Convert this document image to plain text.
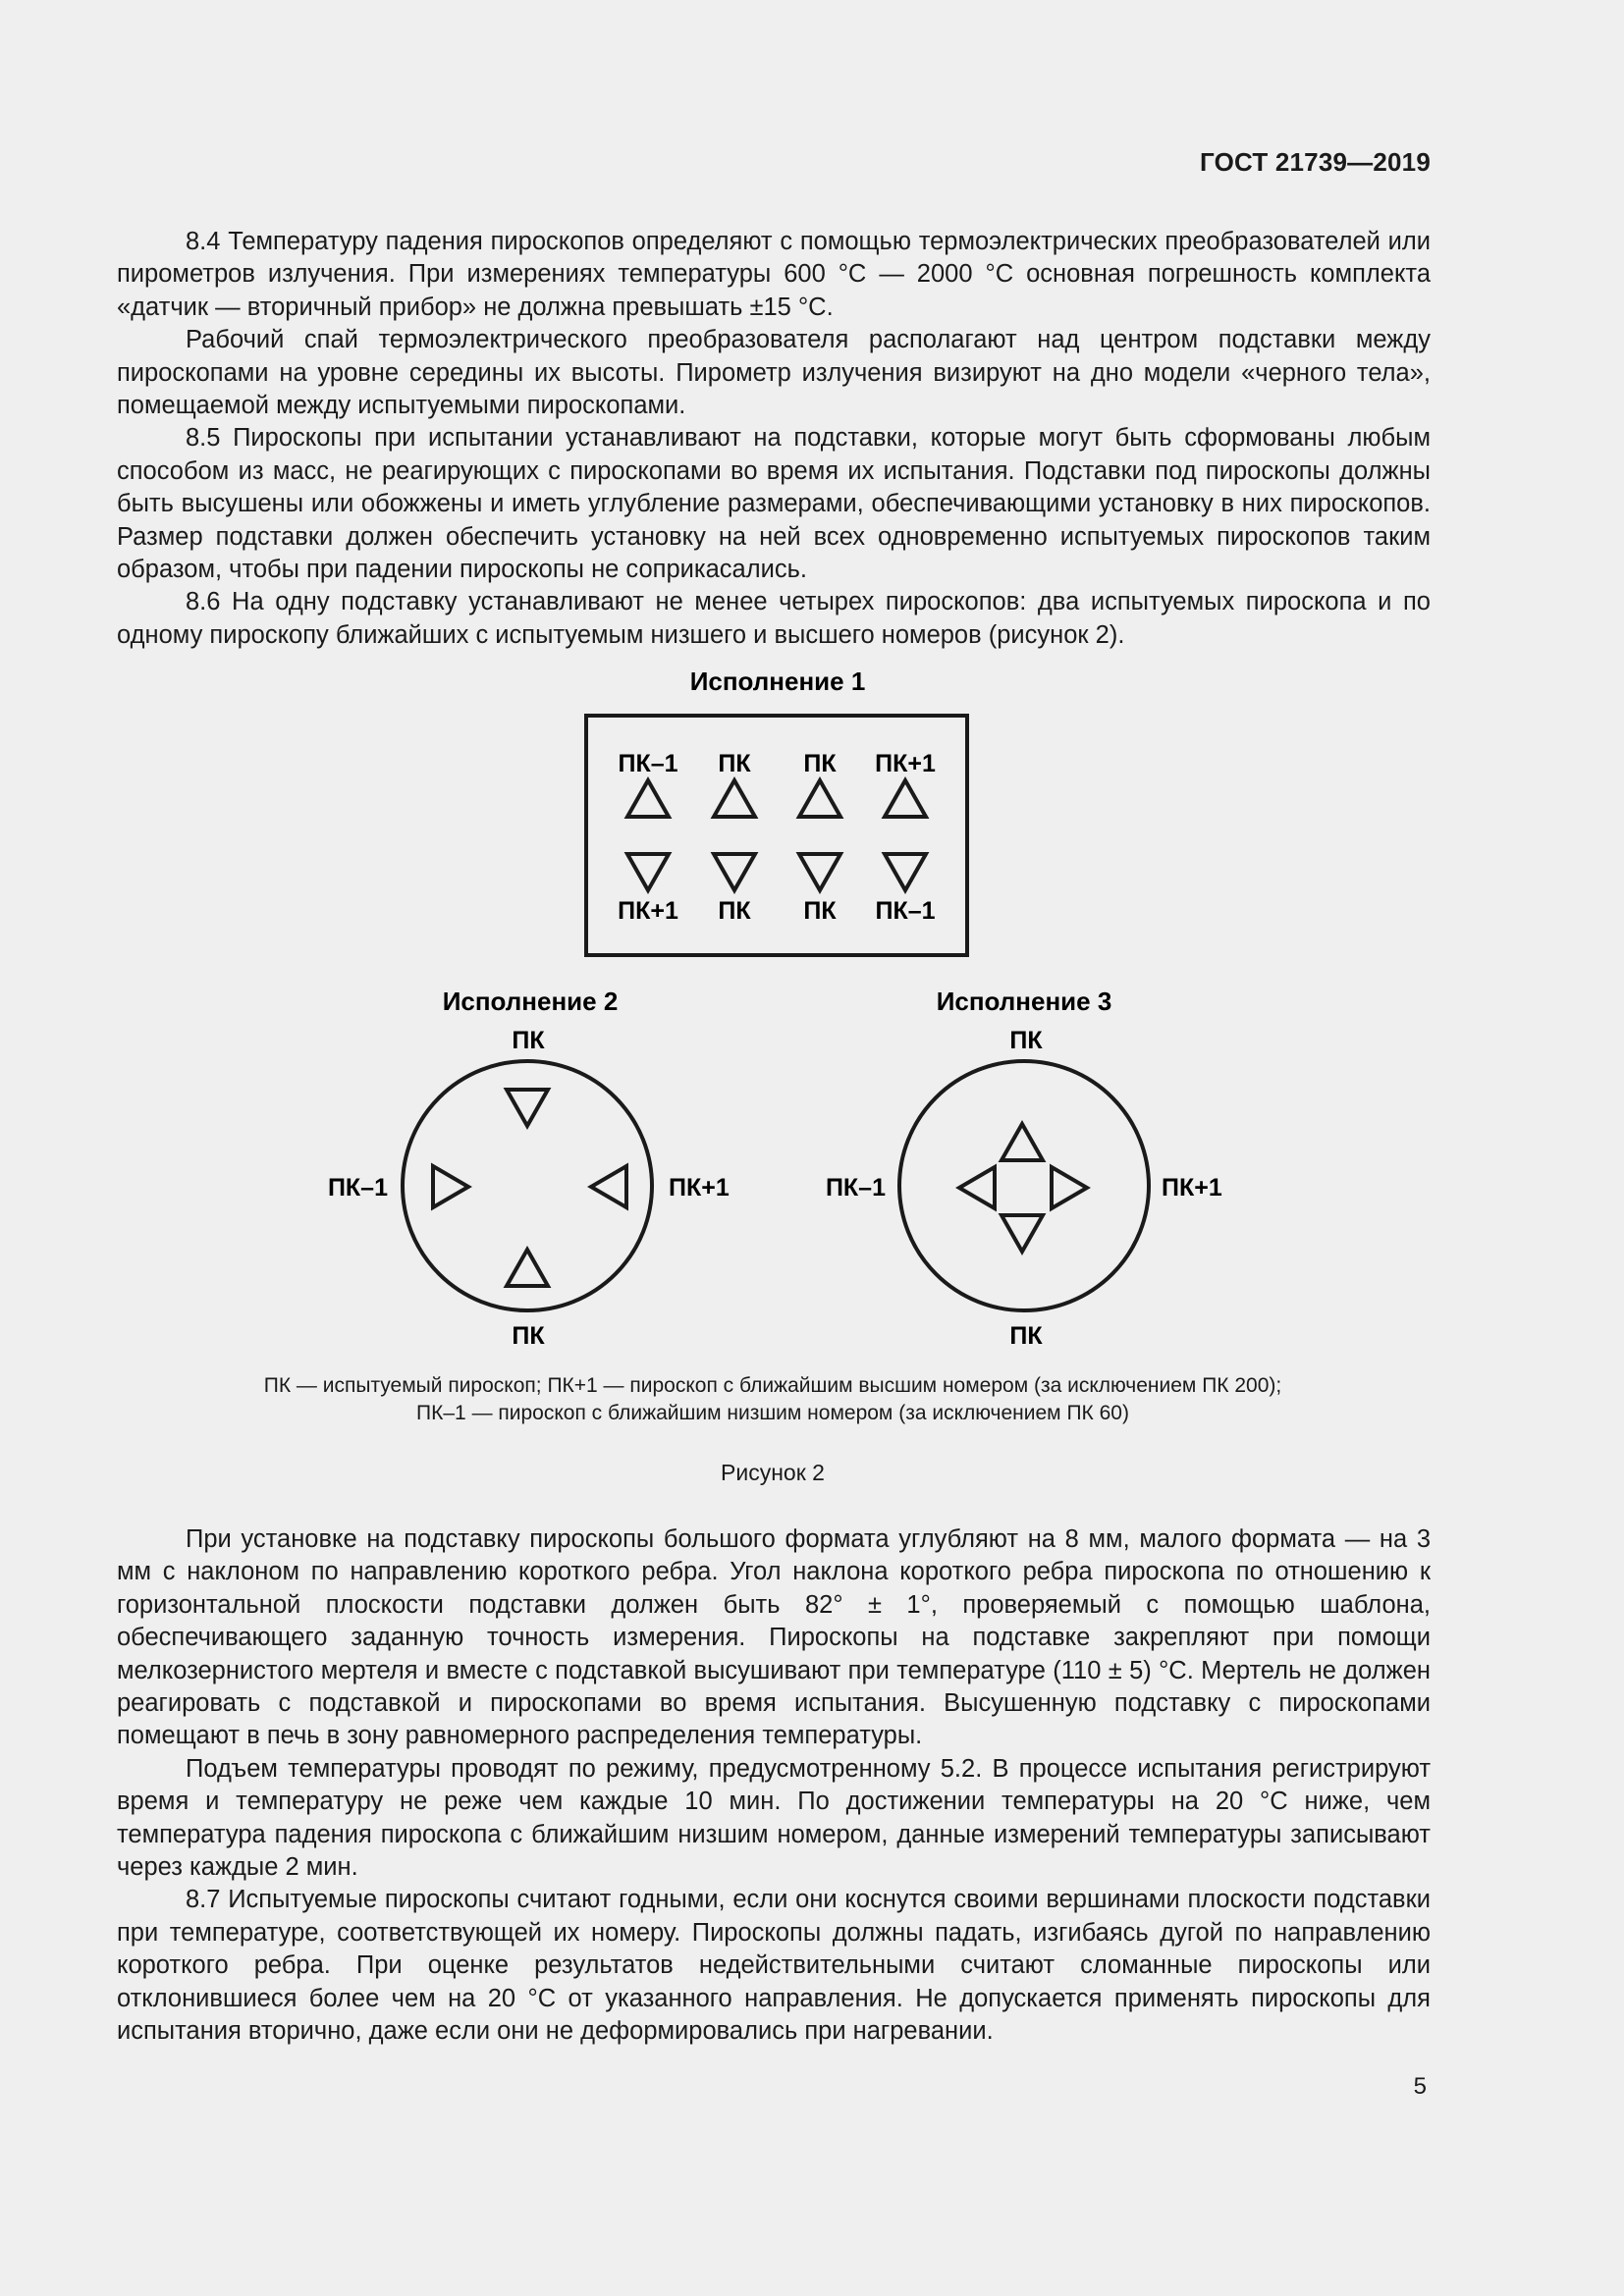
ГОСТ 21739—2019

8.4 Температуру падения пироскопов определяют с помощью термоэлектрических преобразователей или пирометров излучения. При измерениях температуры 600 °С — 2000 °С основная погрешность комплекта «датчик — вторичный прибор» не должна превышать ±15 °С.

Рабочий спай термоэлектрического преобразователя располагают над центром подставки между пироскопами на уровне середины их высоты. Пирометр излучения визируют на дно модели «черного тела», помещаемой между испытуемыми пироскопами.

8.5 Пироскопы при испытании устанавливают на подставки, которые могут быть сформованы любым способом из масс, не реагирующих с пироскопами во время их испытания. Подставки под пироскопы должны быть высушены или обожжены и иметь углубление размерами, обеспечивающими установку в них пироскопов. Размер подставки должен обеспечить установку на ней всех одновременно испытуемых пироскопов таким образом, чтобы при падении пироскопы не соприкасались.

8.6 На одну подставку устанавливают не менее четырех пироскопов: два испытуемых пироскопа и по одному пироскопу ближайших с испытуемым низшего и высшего номеров (рисунок 2).

Исполнение 1
ПК–1 ПК ПК ПК+1
ПК+1 ПК ПК ПК–1
Исполнение 2
ПК
ПК–1	ПК+1
ПК
Исполнение 3
ПК
ПК–1	ПК+1
ПК
ПК — испытуемый пироскоп; ПК+1 — пироскоп с ближайшим высшим номером (за исключением ПК 200);
ПК–1 — пироскоп с ближайшим низшим номером (за исключением ПК 60)
Рисунок 2

При установке на подставку пироскопы большого формата углубляют на 8 мм, малого формата — на 3 мм с наклоном по направлению короткого ребра. Угол наклона короткого ребра пироскопа по отношению к горизонтальной плоскости подставки должен быть 82° ± 1°, проверяемый с помощью шаблона, обеспечивающего заданную точность измерения. Пироскопы на подставке закрепляют при помощи мелкозернистого мертеля и вместе с подставкой высушивают при температуре (110 ± 5) °С. Мертель не должен реагировать с подставкой и пироскопами во время испытания. Высушенную подставку с пироскопами помещают в печь в зону равномерного распределения температуры.

Подъем температуры проводят по режиму, предусмотренному 5.2. В процессе испытания регистрируют время и температуру не реже чем каждые 10 мин. По достижении температуры на 20 °С ниже, чем температура падения пироскопа с ближайшим низшим номером, данные измерений температуры записывают через каждые 2 мин.

8.7 Испытуемые пироскопы считают годными, если они коснутся своими вершинами плоскости подставки при температуре, соответствующей их номеру. Пироскопы должны падать, изгибаясь дугой по направлению короткого ребра. При оценке результатов недействительными считают сломанные пироскопы или отклонившиеся более чем на 20 °С от указанного направления. Не допускается применять пироскопы для испытания вторично, даже если они не деформировались при нагревании.

5
